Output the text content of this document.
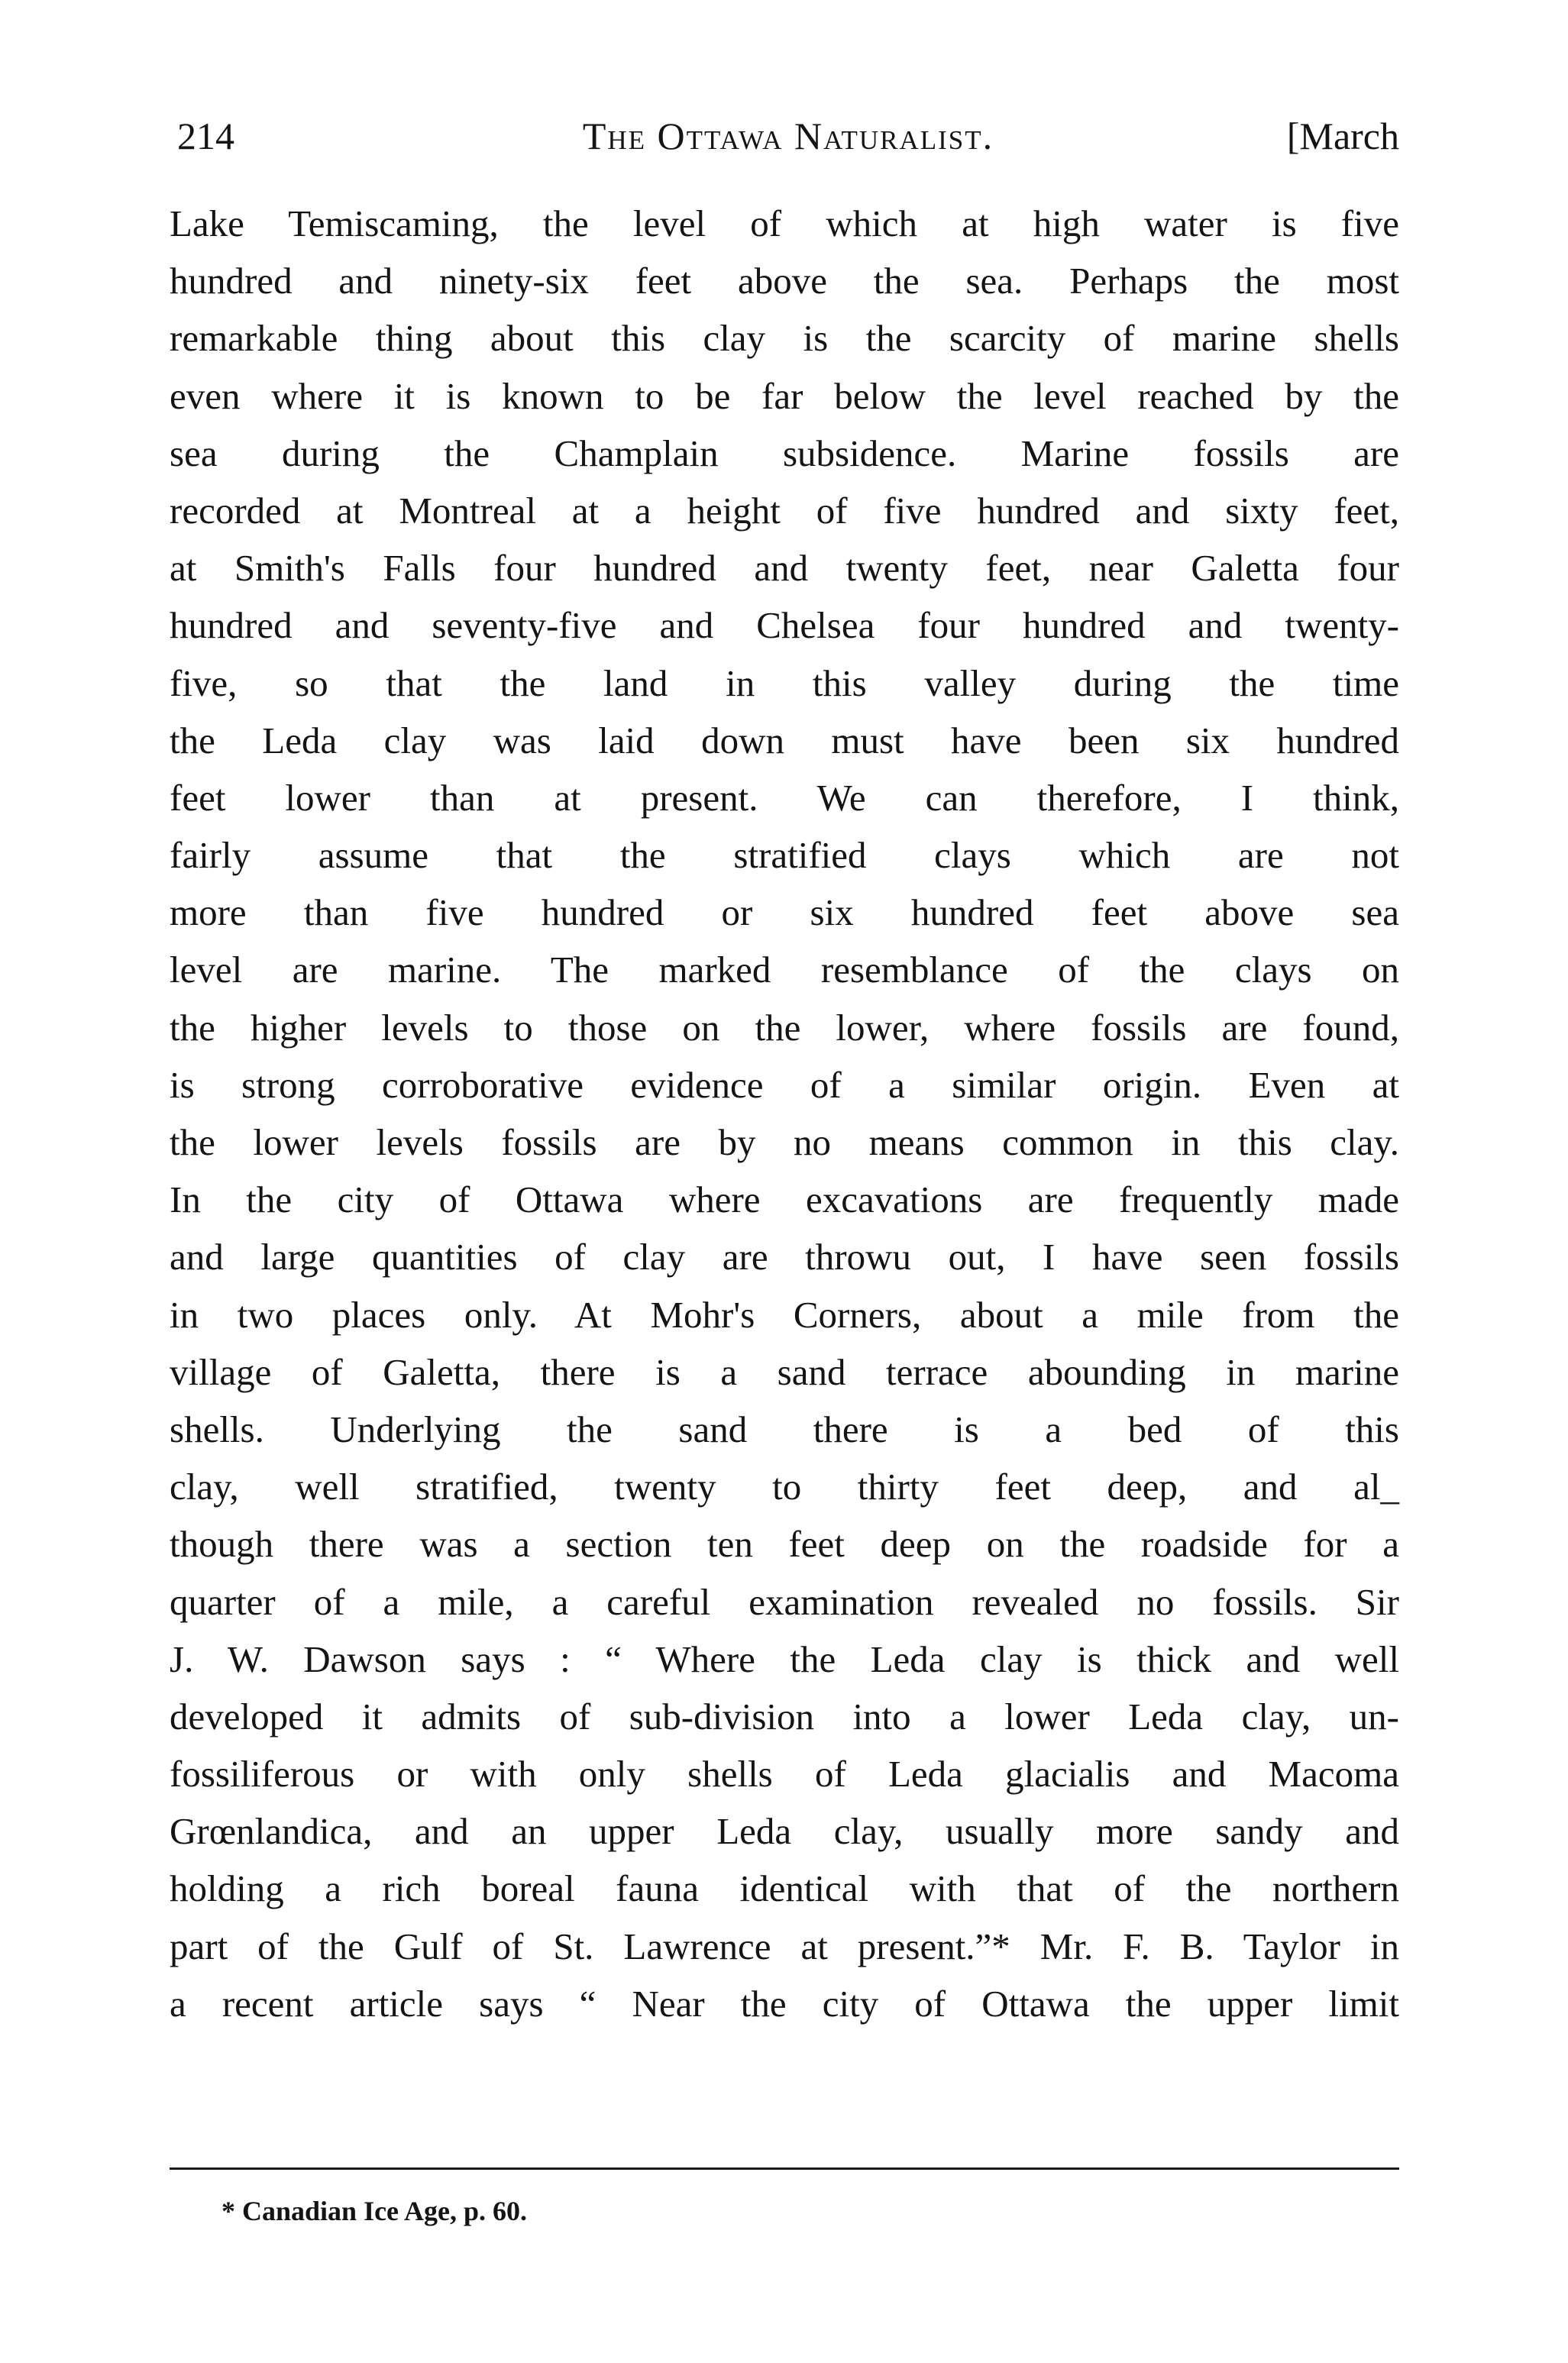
214	The Ottawa Naturalist.	[March
Lake Temiscaming, the level of which at high water is five
hundred and ninety-six feet above the sea. Perhaps the most
remarkable thing about this clay is the scarcity of marine shells
even where it is known to be far below the level reached by the
sea during the Champlain subsidence. Marine fossils are
recorded at Montreal at a height of five hundred and sixty feet,
at Smith's Falls four hundred and twenty feet, near Galetta four
hundred and seventy-five and Chelsea four hundred and twenty-
five, so that the land in this valley during the time
the Leda clay was laid down must have been six hundred
feet lower than at present. We can therefore, I think,
fairly assume that the stratified clays which are not
more than five hundred or six hundred feet above sea
level are marine. The marked resemblance of the clays on
the higher levels to those on the lower, where fossils are found,
is strong corroborative evidence of a similar origin. Even at
the lower levels fossils are by no means common in this clay.
In the city of Ottawa where excavations are frequently made
and large quantities of clay are throwu out, I have seen fossils
in two places only. At Mohr's Corners, about a mile from the
village of Galetta, there is a sand terrace abounding in marine
shells. Underlying the sand there is a bed of this
clay, well stratified, twenty to thirty feet deep, and al_
though there was a section ten feet deep on the roadside for a
quarter of a mile, a careful examination revealed no fossils. Sir
J. W. Dawson says : “ Where the Leda clay is thick and well
developed it admits of sub-division into a lower Leda clay, un-
fossiliferous or with only shells of Leda glacialis and Macoma
Grœnlandica, and an upper Leda clay, usually more sandy and
holding a rich boreal fauna identical with that of the northern
part of the Gulf of St. Lawrence at present.”* Mr. F. B. Taylor in
a recent article says “ Near the city of Ottawa the upper limit
* Canadian Ice Age, p. 60.
